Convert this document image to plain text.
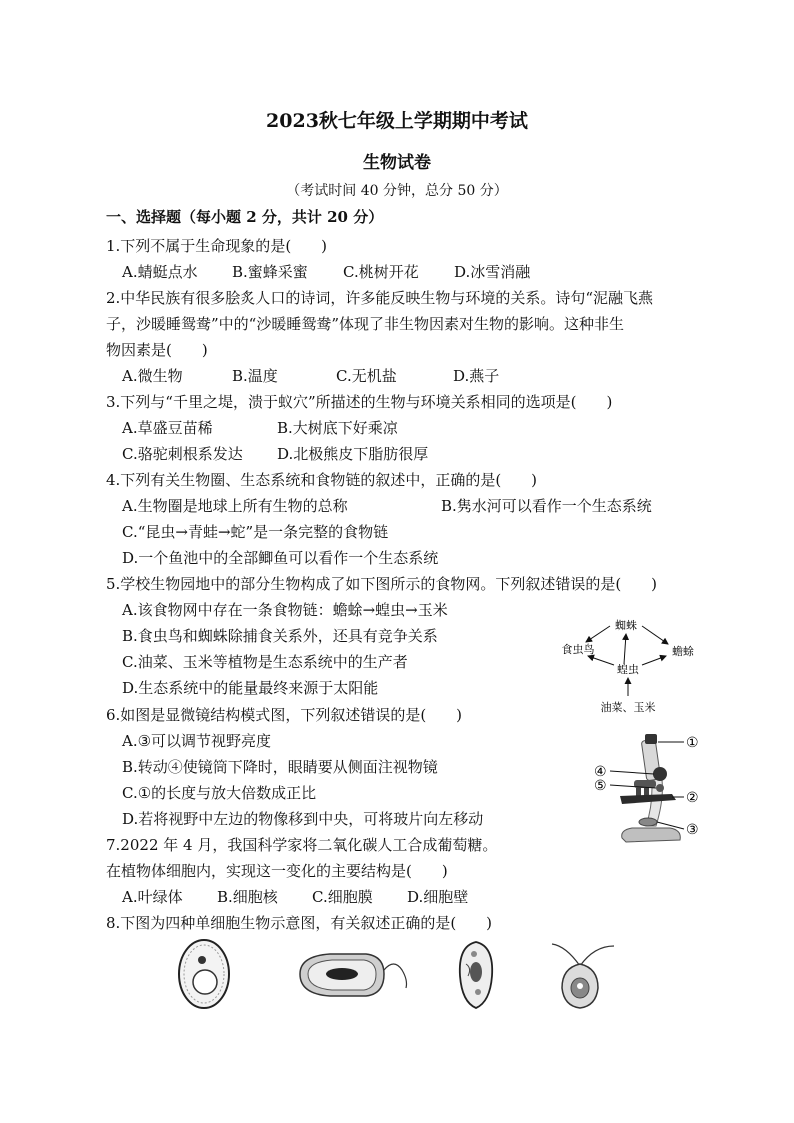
2023秋七年级上学期期中考试
生物试卷
（考试时间 40 分钟，总分 50 分）
一、选择题（每小题 2 分，共计 20 分）
1.下列不属于生命现象的是(　　)
A.蜻蜓点水 B.蜜蜂采蜜 C.桃树开花 D.冰雪消融
2.中华民族有很多脍炙人口的诗词，许多能反映生物与环境的关系。诗句“泥融飞燕
子，沙暖睡鸳鸯”中的“沙暖睡鸳鸯”体现了非生物因素对生物的影响。这种非生
物因素是(　　)
A.微生物	B.温度	C.无机盐	D.燕子
3.下列与“千里之堤，溃于蚁穴”所描述的生物与环境关系相同的选项是(　　)
A.草盛豆苗稀	B.大树底下好乘凉
C.骆驼刺根系发达 D.北极熊皮下脂肪很厚
4.下列有关生物圈、生态系统和食物链的叙述中，正确的是(　　)
A.生物圈是地球上所有生物的总称	B.隽水河可以看作一个生态系统
C.“昆虫→青蛙→蛇”是一条完整的食物链
D.一个鱼池中的全部鲫鱼可以看作一个生态系统
5.学校生物园地中的部分生物构成了如下图所示的食物网。下列叙述错误的是(　　)
A.该食物网中存在一条食物链：蟾蜍→蝗虫→玉米
B.食虫鸟和蜘蛛除捕食关系外，还具有竞争关系
C.油菜、玉米等植物是生态系统中的生产者
D.生态系统中的能量最终来源于太阳能
蜘蛛
食虫鸟	蟾蜍
蝗虫
油菜、玉米
6.如图是显微镜结构模式图，下列叙述错误的是(　　)
A.③可以调节视野亮度
B.转动④使镜筒下降时，眼睛要从侧面注视物镜
C.①的长度与放大倍数成正比
D.若将视野中左边的物像移到中央，可将玻片向左移动
①
④
⑤
②
③
7.2022 年 4 月，我国科学家将二氧化碳人工合成葡萄糖。
在植物体细胞内，实现这一变化的主要结构是(　　)
A.叶绿体 B.细胞核 C.细胞膜 D.细胞壁
8.下图为四种单细胞生物示意图，有关叙述正确的是(　　)
